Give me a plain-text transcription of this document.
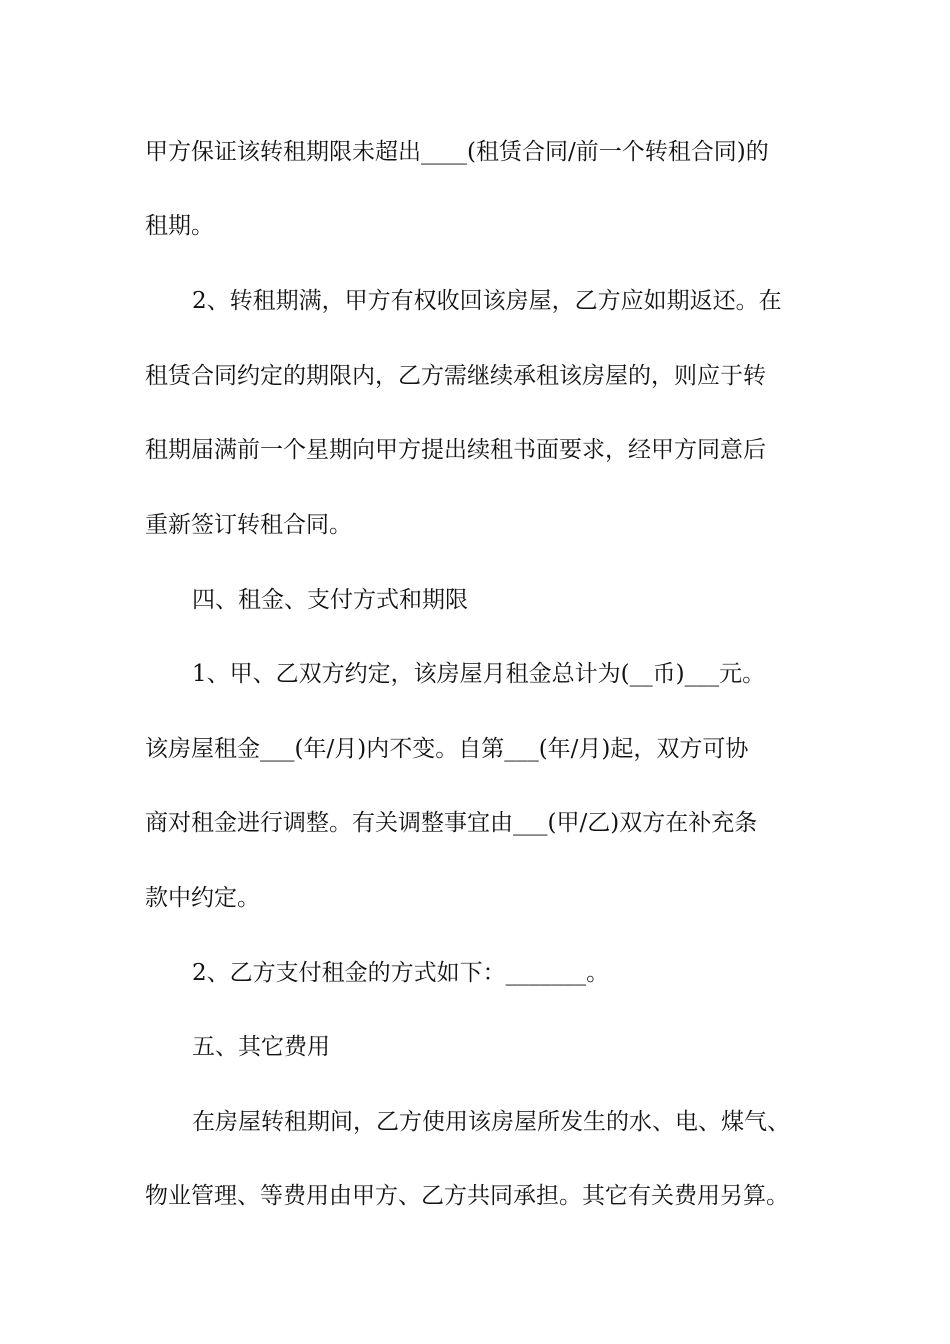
甲方保证该转租期限未超出____(租赁合同/前一个转租合同)的
租期。
2、转租期满，甲方有权收回该房屋，乙方应如期返还。在
租赁合同约定的期限内，乙方需继续承租该房屋的，则应于转
租期届满前一个星期向甲方提出续租书面要求，经甲方同意后
重新签订转租合同。
四、租金、支付方式和期限
1、甲、乙双方约定，该房屋月租金总计为(__币)___元。
该房屋租金___(年/月)内不变。自第___(年/月)起，双方可协
商对租金进行调整。有关调整事宜由___(甲/乙)双方在补充条
款中约定。
2、乙方支付租金的方式如下：_______。
五、其它费用
在房屋转租期间，乙方使用该房屋所发生的水、电、煤气、
物业管理、等费用由甲方、乙方共同承担。其它有关费用另算。
